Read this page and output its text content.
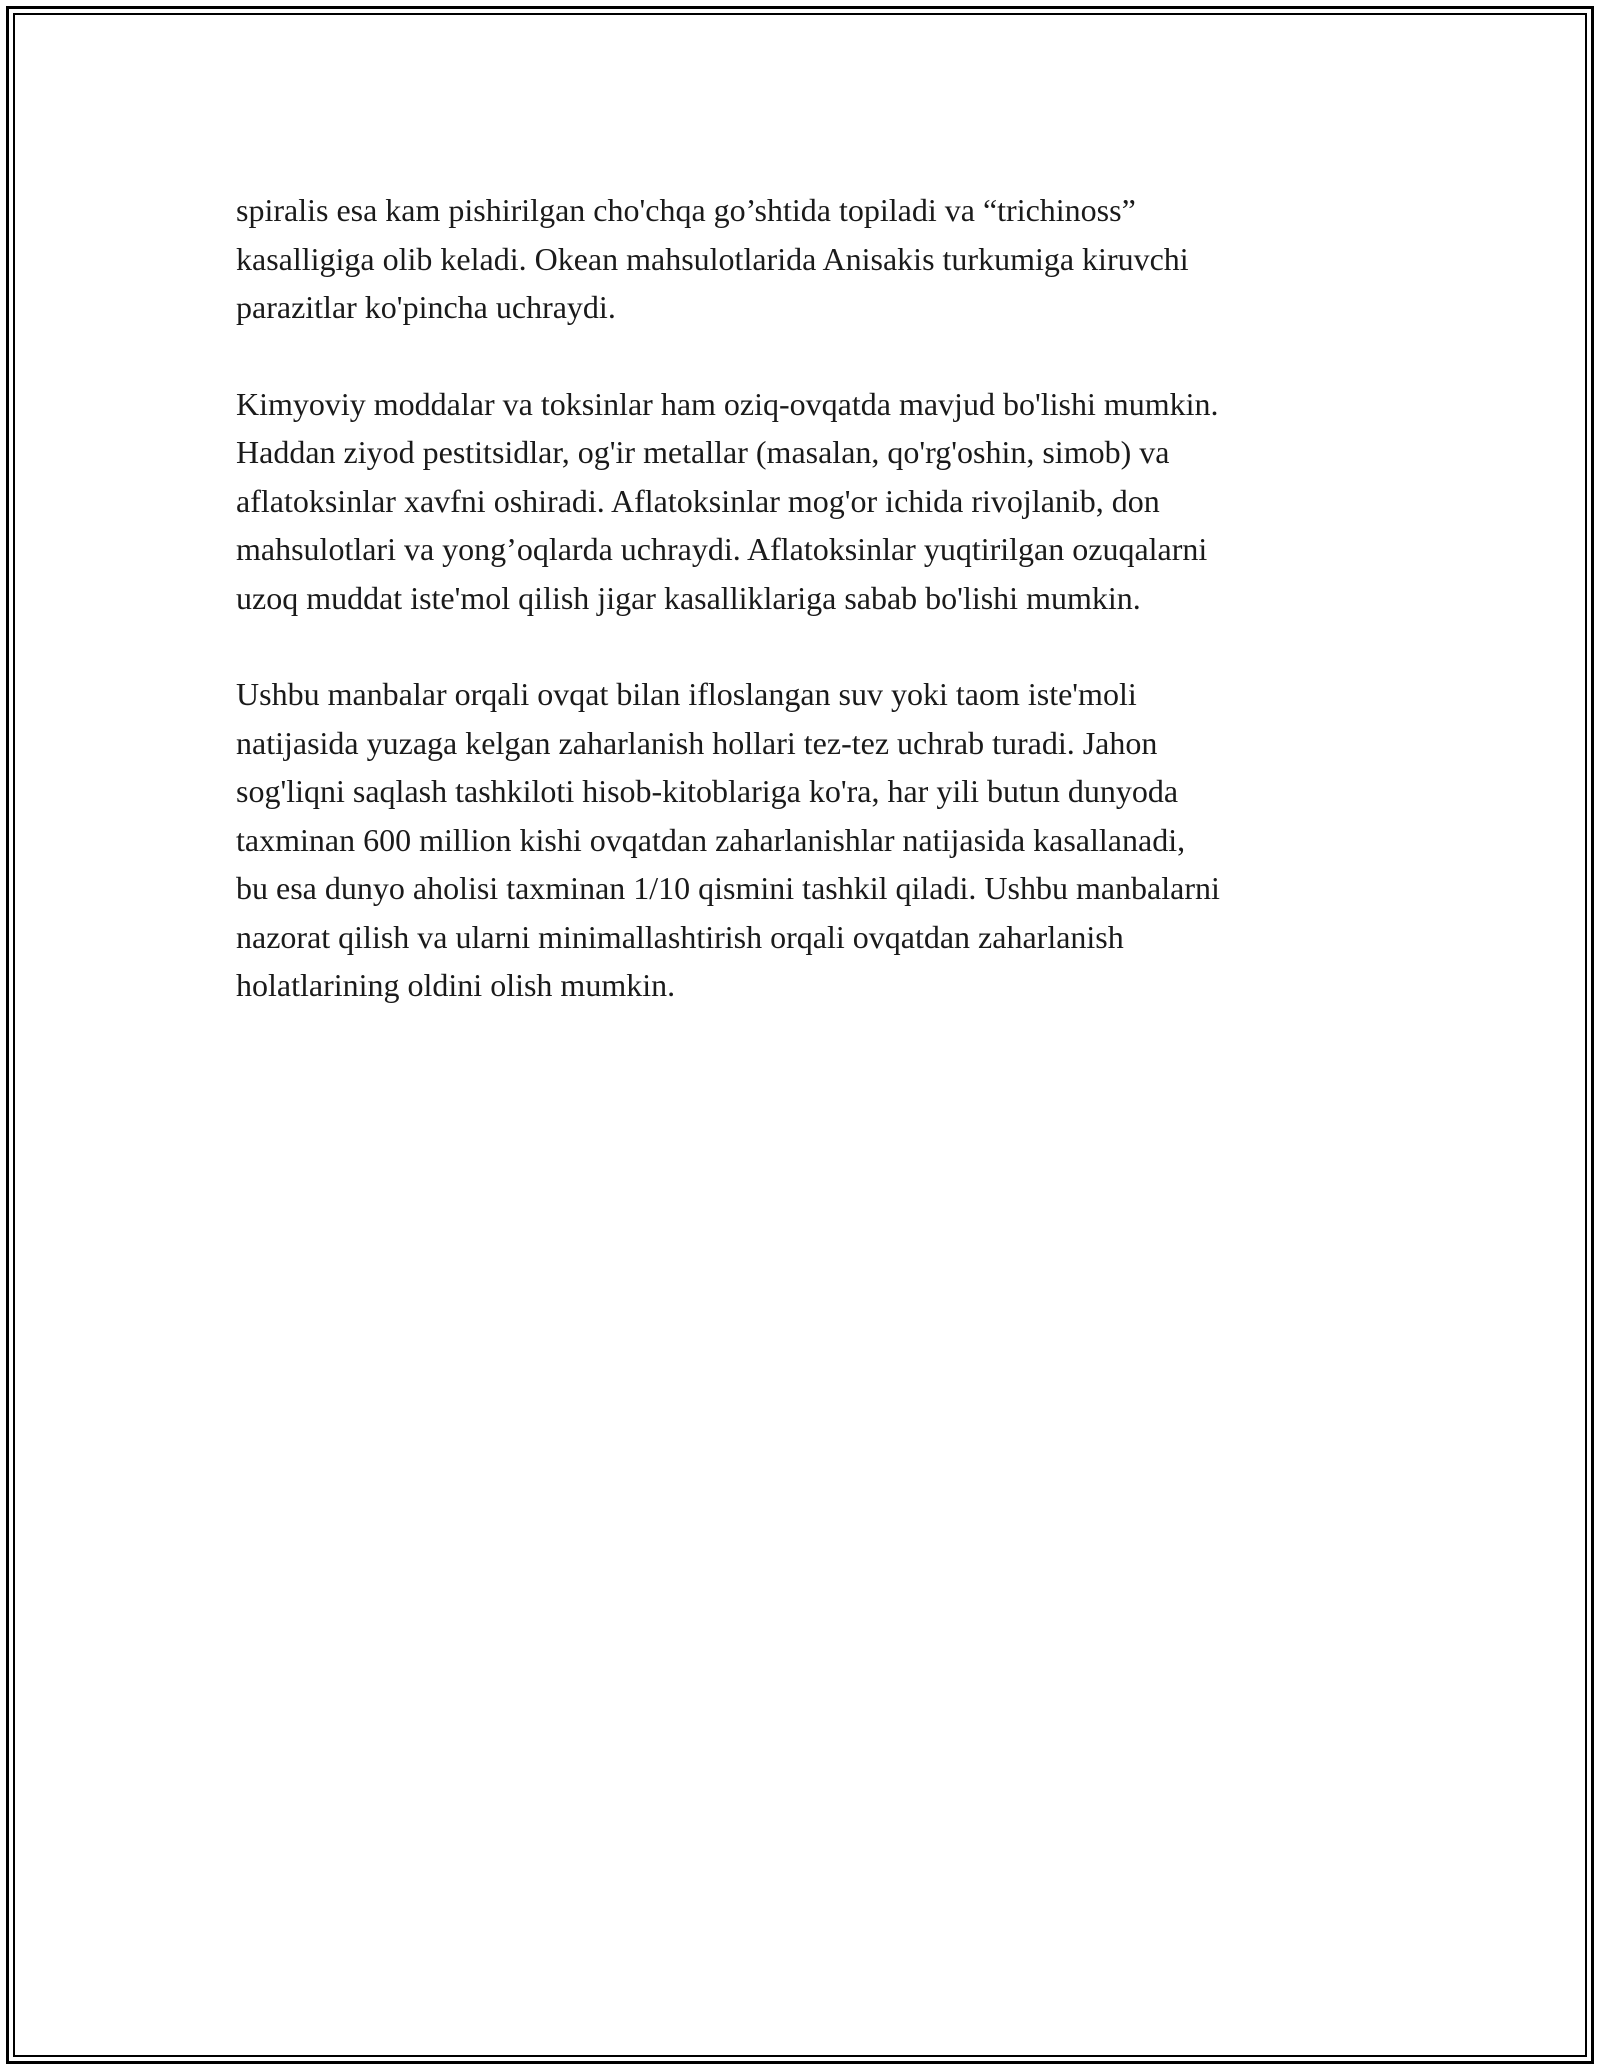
spiralis esa kam pishirilgan cho'chqa go’shtida topiladi va “trichinoss”
kasalligiga olib keladi. Okean mahsulotlarida Anisakis turkumiga kiruvchi
parazitlar ko'pincha uchraydi.

Kimyoviy moddalar va toksinlar ham oziq-ovqatda mavjud bo'lishi mumkin.
Haddan ziyod pestitsidlar, og'ir metallar (masalan, qo'rg'oshin, simob) va
aflatoksinlar xavfni oshiradi. Aflatoksinlar mog'or ichida rivojlanib, don
mahsulotlari va yong’oqlarda uchraydi. Aflatoksinlar yuqtirilgan ozuqalarni
uzoq muddat iste'mol qilish jigar kasalliklariga sabab bo'lishi mumkin.

Ushbu manbalar orqali ovqat bilan ifloslangan suv yoki taom iste'moli
natijasida yuzaga kelgan zaharlanish hollari tez-tez uchrab turadi. Jahon
sog'liqni saqlash tashkiloti hisob-kitoblariga ko'ra, har yili butun dunyoda
taxminan 600 million kishi ovqatdan zaharlanishlar natijasida kasallanadi,
bu esa dunyo aholisi taxminan 1/10 qismini tashkil qiladi. Ushbu manbalarni
nazorat qilish va ularni minimallashtirish orqali ovqatdan zaharlanish
holatlarining oldini olish mumkin.
